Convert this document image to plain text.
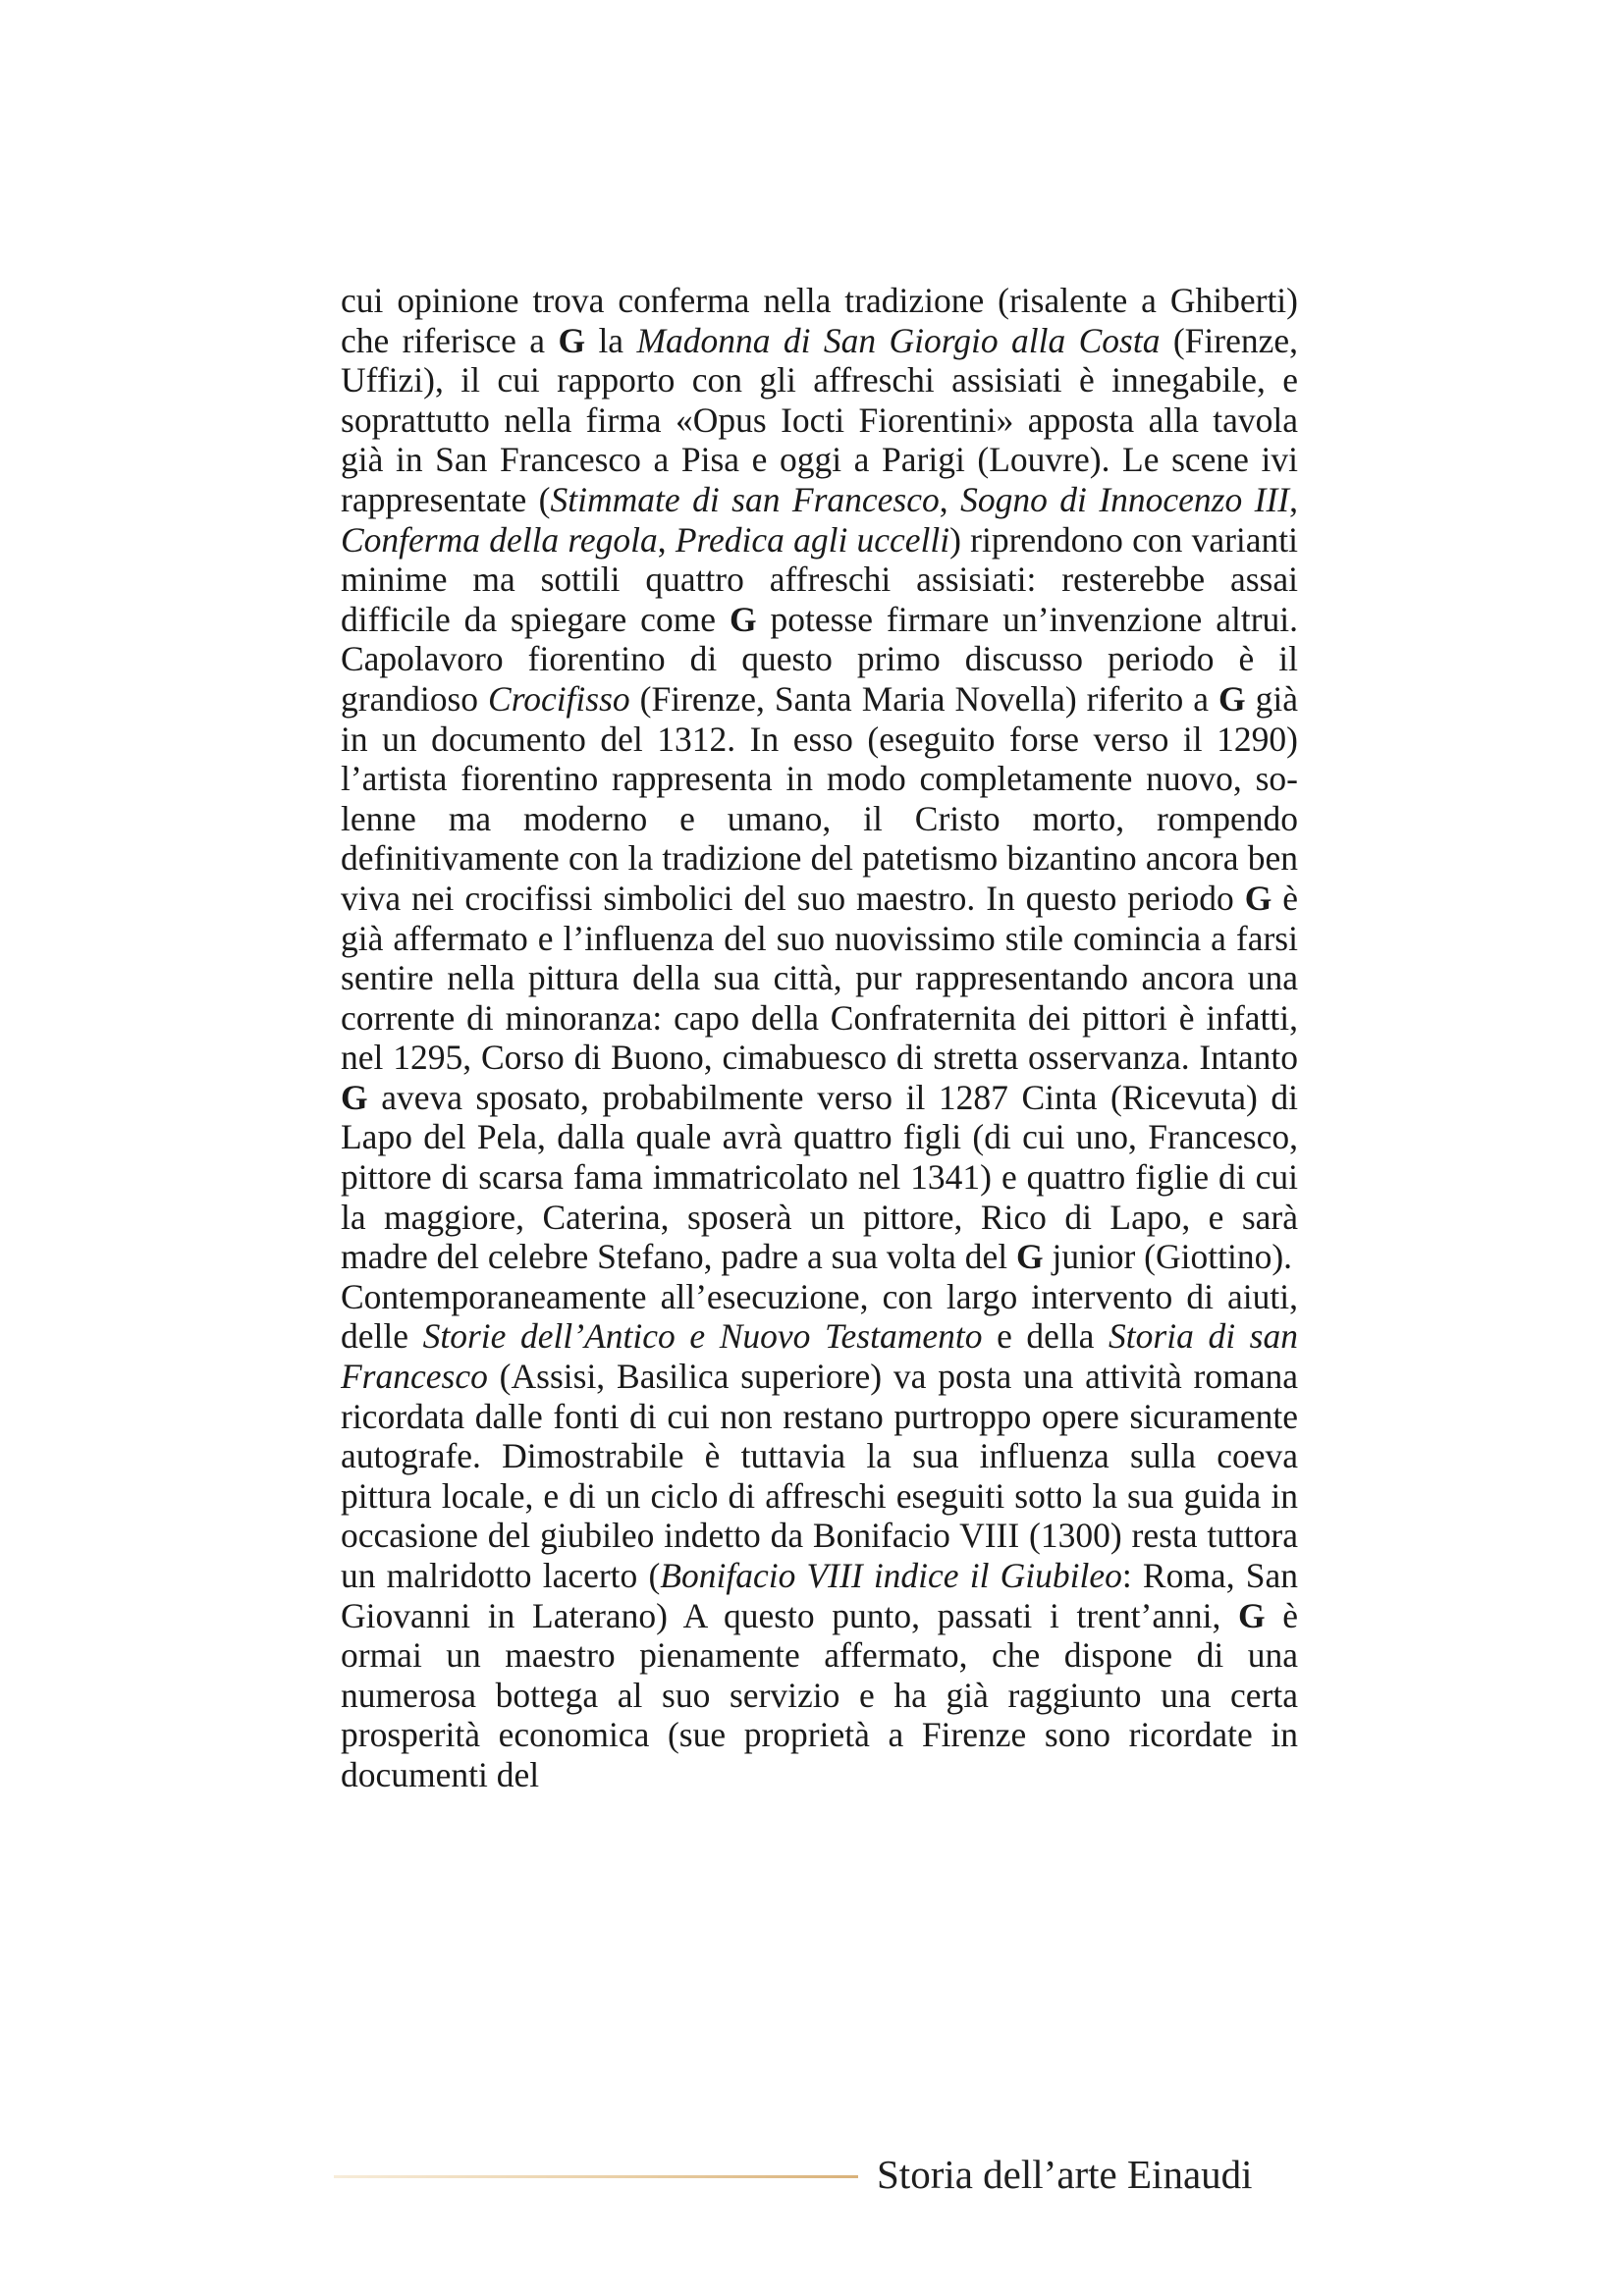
cui opinione trova conferma nella tradizione (risalente a Ghiberti) che riferisce a G la Madonna di San Giorgio alla Costa (Firenze, Uffizi), il cui rapporto con gli affreschi assisiati è innegabile, e soprattutto nella firma «Opus Iocti Fiorentini» apposta alla tavola già in San Francesco a Pisa e oggi a Parigi (Louvre). Le scene ivi rappresentate (Stimmate di san Francesco, Sogno di Innocenzo III, Conferma della regola, Predica agli uccelli) riprendono con varianti minime ma sottili quattro affreschi assisiati: resterebbe assai difficile da spiegare come G potesse firmare un’invenzione altrui. Capolavoro fiorentino di questo primo discusso periodo è il grandioso Crocifisso (Firenze, Santa Maria Novella) riferito a G già in un documento del 1312. In esso (eseguito forse verso il 1290) l’artista fiorentino rappresenta in modo completamente nuovo, solenne ma moderno e umano, il Cristo morto, rompendo definitivamente con la tradizione del patetismo bizantino ancora ben viva nei crocifissi simbolici del suo maestro. In questo periodo G è già affermato e l’influenza del suo nuovissimo stile comincia a farsi sentire nella pittura della sua città, pur rappresentando ancora una corrente di minoranza: capo della Confraternita dei pittori è infatti, nel 1295, Corso di Buono, cimabuesco di stretta osservanza. Intanto G aveva sposato, probabilmente verso il 1287 Cinta (Ricevuta) di Lapo del Pela, dalla quale avrà quattro figli (di cui uno, Francesco, pittore di scarsa fama immatricolato nel 1341) e quattro figlie di cui la maggiore, Caterina, sposerà un pittore, Rico di Lapo, e sarà madre del celebre Stefano, padre a sua volta del G junior (Giottino).

Contemporaneamente all’esecuzione, con largo intervento di aiuti, delle Storie dell’Antico e Nuovo Testamento e della Storia di san Francesco (Assisi, Basilica superiore) va posta una attività romana ricordata dalle fonti di cui non restano purtroppo opere sicuramente autografe. Dimostrabile è tuttavia la sua influenza sulla coeva pittura locale, e di un ciclo di affreschi eseguiti sotto la sua guida in occasione del giubileo indetto da Bonifacio VIII (1300) resta tuttora un malridotto lacerto (Bonifacio VIII indice il Giubileo: Roma, San Giovanni in Laterano) A questo punto, passati i trent’anni, G è ormai un maestro pienamente affermato, che dispone di una numerosa bottega al suo servizio e ha già raggiunto una certa prosperità economica (sue proprietà a Firenze sono ricordate in documenti del

Storia dell’arte Einaudi
